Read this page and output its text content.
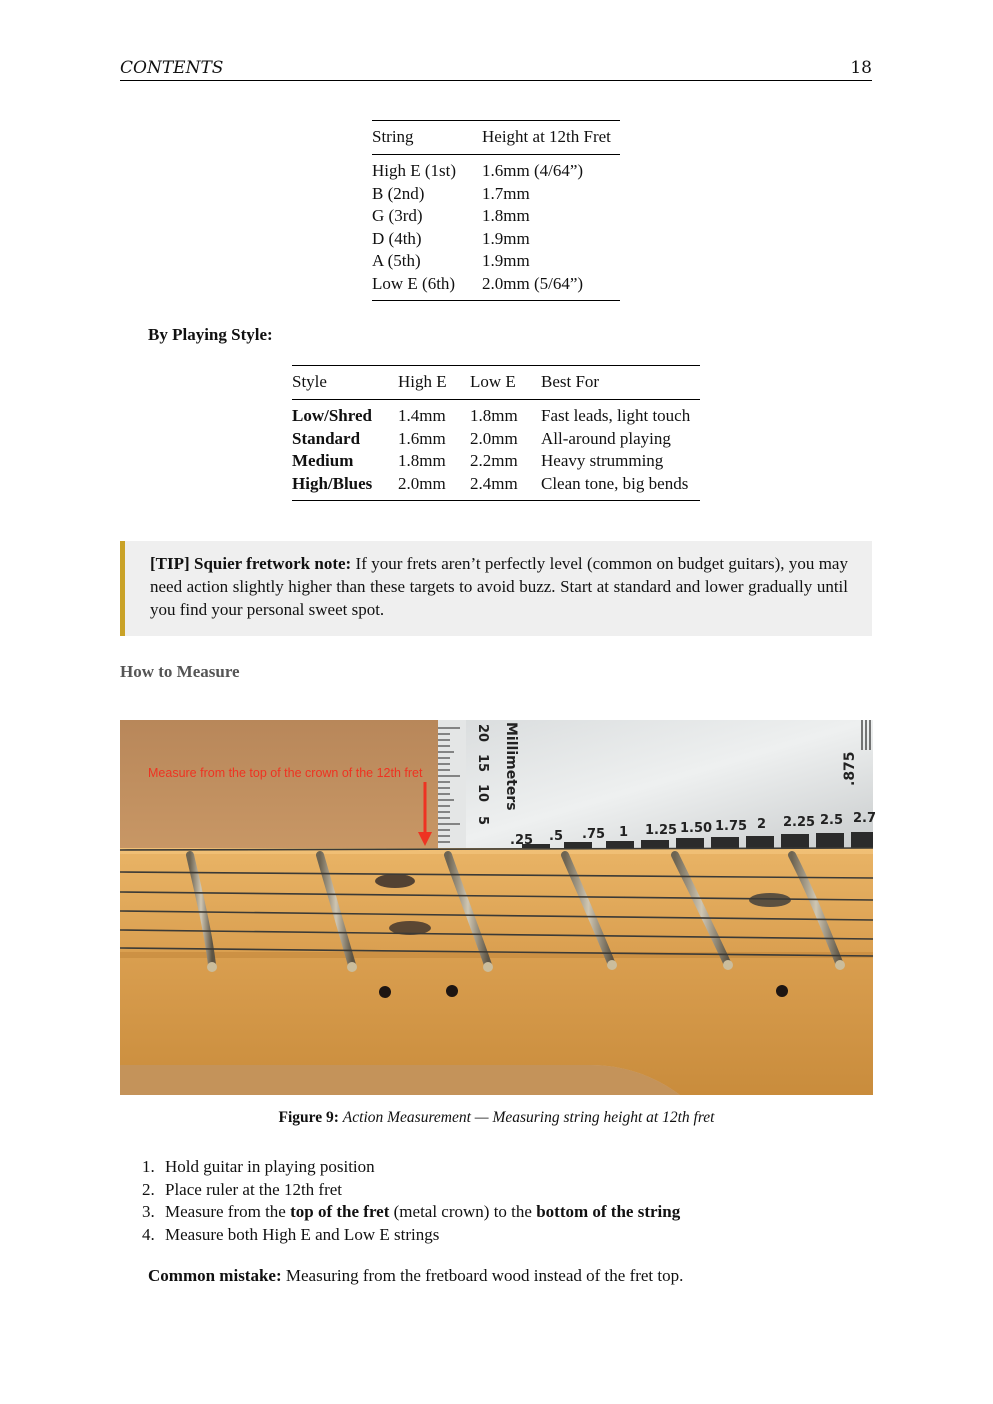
CONTENTS	18
String	Height at 12th Fret
High E (1st)	1.6mm (4/64”)
B (2nd)	1.7mm
G (3rd)	1.8mm
D (4th)	1.9mm
A (5th)	1.9mm
Low E (6th)	2.0mm (5/64”)
By Playing Style:
Style	High E	Low E	Best For
Low/Shred	1.4mm	1.8mm	Fast leads, light touch
Standard	1.6mm	2.0mm	All-around playing
Medium	1.8mm	2.2mm	Heavy strumming
High/Blues	2.0mm	2.4mm	Clean tone, big bends
[TIP] Squier fretwork note: If your frets aren’t perfectly level (common on budget guitars), you may need action slightly higher than these targets to avoid buzz. Start at standard and lower gradually until you find your personal sweet spot.
How to Measure
20
15
10
5
Millimeters	.875
.25 .5 .75 1 1.25 1.50 1.75 2 2.25 2.5 2.7
Measure from the top of the crown of the 12th fret
Figure 9: Action Measurement — Measuring string height at 12th fret
1. Hold guitar in playing position
2. Place ruler at the 12th fret
3. Measure from the top of the fret (metal crown) to the bottom of the string
4. Measure both High E and Low E strings
Common mistake: Measuring from the fretboard wood instead of the fret top.
